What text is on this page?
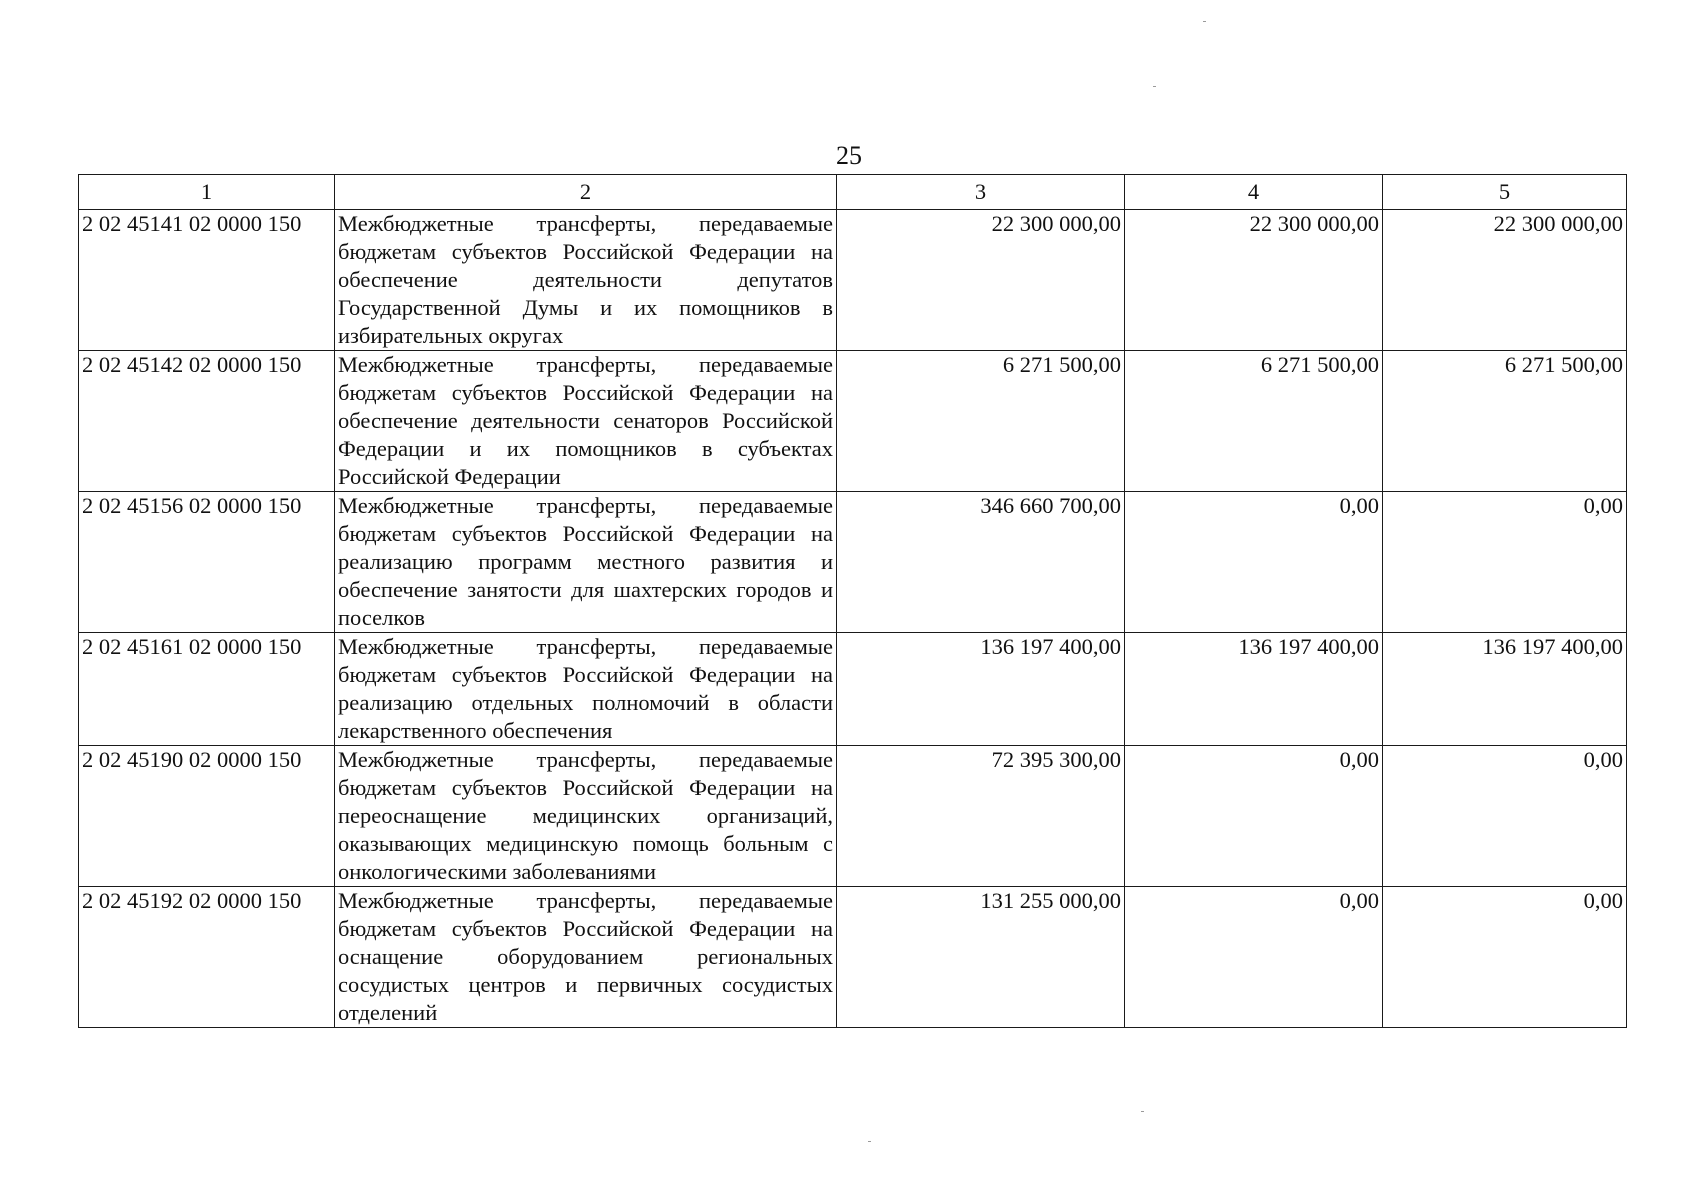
25
1	2	3	4	5
2 02 45141 02 0000 150	Межбюджетные трансферты, передаваемые бюджетам субъектов Российской Федерации на обеспечение деятельности депутатов Государственной Думы и их помощников в избирательных округах	22 300 000,00	22 300 000,00	22 300 000,00
2 02 45142 02 0000 150	Межбюджетные трансферты, передаваемые бюджетам субъектов Российской Федерации на обеспечение деятельности сенаторов Российской Федерации и их помощников в субъектах Российской Федерации	6 271 500,00	6 271 500,00	6 271 500,00
2 02 45156 02 0000 150	Межбюджетные трансферты, передаваемые бюджетам субъектов Российской Федерации на реализацию программ местного развития и обеспечение занятости для шахтерских городов и поселков	346 660 700,00	0,00	0,00
2 02 45161 02 0000 150	Межбюджетные трансферты, передаваемые бюджетам субъектов Российской Федерации на реализацию отдельных полномочий в области лекарственного обеспечения	136 197 400,00	136 197 400,00	136 197 400,00
2 02 45190 02 0000 150	Межбюджетные трансферты, передаваемые бюджетам субъектов Российской Федерации на переоснащение медицинских организаций, оказывающих медицинскую помощь больным с онкологическими заболеваниями	72 395 300,00	0,00	0,00
2 02 45192 02 0000 150	Межбюджетные трансферты, передаваемые бюджетам субъектов Российской Федерации на оснащение оборудованием региональных сосудистых центров и первичных сосудистых отделений	131 255 000,00	0,00	0,00
